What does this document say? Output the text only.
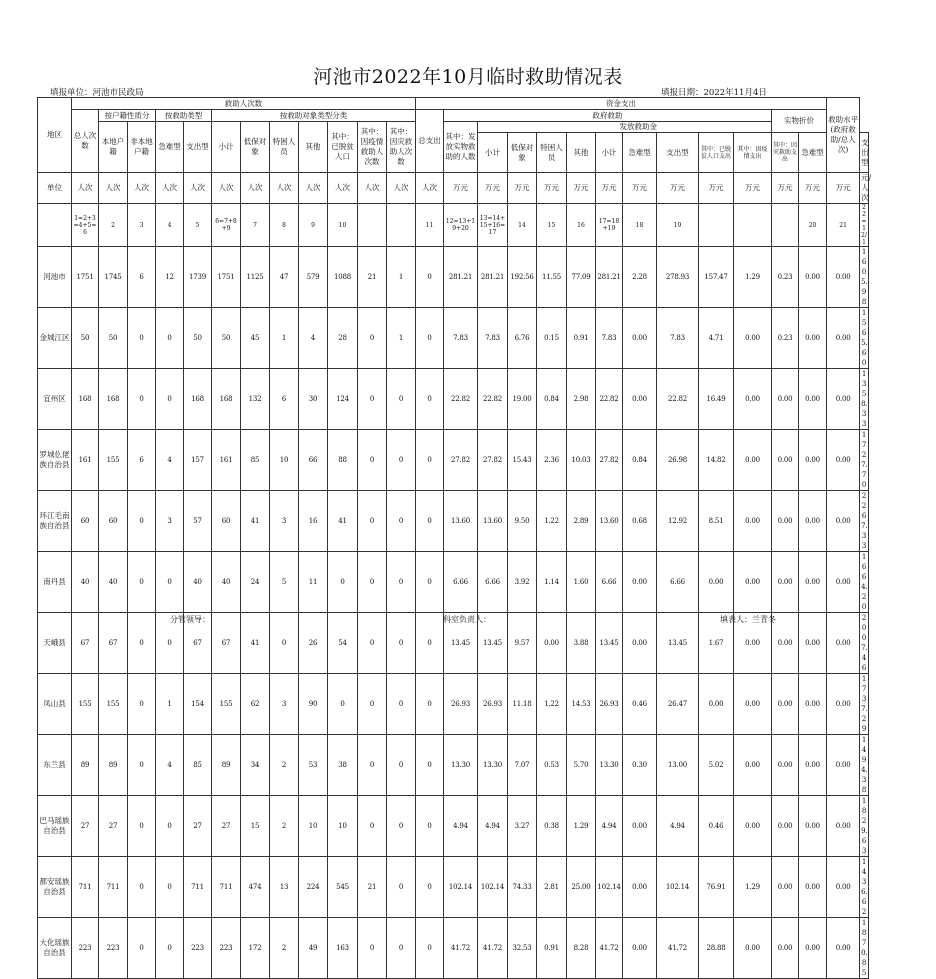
河池市2022年10月临时救助情况表
填报单位：河池市民政局	填报日期：2022年11月4日
地区	救助人次数												资金支出													救助水平(政府救助/总人次)	
	总人次数	按户籍性质分		按救助类型		按救助对象类型分类							总支出	政府救助										实物折价			
		本地户籍	非本地户籍	急难型	支出型	小计	低保对象	特困人员	其他	其中：已脱贫人口	其中：因疫情救助人次数	其中：因灾救助人次数		其中：发放实物救助的人数	发放救助金												
															小计	低保对象	特困人员	其他	小计	急难型	支出型	其中：已脱贫人口支出	其中：因疫情支出	其中：因灾救助支出	急难型		支出型
单位	人次	人次	人次	人次	人次	人次	人次	人次	人次	人次	人次	人次	人次	万元	万元	万元	万元	万元	万元	万元	万元	万元	万元	万元	万元	万元	元/人次
	1=2+3=4+5=6	2	3	4	5	6=7+8+9	7	8	9	10			11	12=13+19+20	13=14+15+16=17	14	15	16	17=18+19	18	19				20	21	22=12/1
河池市	1751	1745	6	12	1739	1751	1125	47	579	1088	21	1	0	281.21	281.21	192.56	11.55	77.09	281.21	2.28	278.93	157.47	1.29	0.23	0.00	0.00	1605.98
金城江区	50	50	0	0	50	50	45	1	4	28	0	1	0	7.83	7.83	6.76	0.15	0.91	7.83	0.00	7.83	4.71	0.00	0.23	0.00	0.00	1565.60
宜州区	168	168	0	0	168	168	132	6	30	124	0	0	0	22.82	22.82	19.00	0.84	2.98	22.82	0.00	22.82	16.49	0.00	0.00	0.00	0.00	1358.33
罗城仫佬族自治县	161	155	6	4	157	161	85	10	66	88	0	0	0	27.82	27.82	15.43	2.36	10.03	27.82	0.84	26.98	14.82	0.00	0.00	0.00	0.00	1727.70
环江毛南族自治县	60	60	0	3	57	60	41	3	16	41	0	0	0	13.60	13.60	9.50	1.22	2.89	13.60	0.68	12.92	8.51	0.00	0.00	0.00	0.00	2267.33
南丹县	40	40	0	0	40	40	24	5	11	0	0	0	0	6.66	6.66	3.92	1.14	1.60	6.66	0.00	6.66	0.00	0.00	0.00	0.00	0.00	1664.20
天峨县	67	67	0	0	67	67	41	0	26	54	0	0	0	13.45	13.45	9.57	0.00	3.88	13.45	0.00	13.45	1.67	0.00	0.00	0.00	0.00	2007.46
凤山县	155	155	0	1	154	155	62	3	90	0	0	0	0	26.93	26.93	11.18	1.22	14.53	26.93	0.46	26.47	0.00	0.00	0.00	0.00	0.00	1737.29
东兰县	89	89	0	4	85	89	34	2	53	38	0	0	0	13.30	13.30	7.07	0.53	5.70	13.30	0.30	13.00	5.02	0.00	0.00	0.00	0.00	1494.38
巴马瑶族自治县	27	27	0	0	27	27	15	2	10	10	0	0	0	4.94	4.94	3.27	0.38	1.29	4.94	0.00	4.94	0.46	0.00	0.00	0.00	0.00	1829.63
都安瑶族自治县	711	711	0	0	711	711	474	13	224	545	21	0	0	102.14	102.14	74.33	2.81	25.00	102.14	0.00	102.14	76.91	1.29	0.00	0.00	0.00	1436.62
大化瑶族自治县	223	223	0	0	223	223	172	2	49	163	0	0	0	41.72	41.72	32.53	0.91	8.28	41.72	0.00	41.72	28.88	0.00	0.00	0.00	0.00	1870.85
分管领导：	科室负责人：	填表人：兰青冬
